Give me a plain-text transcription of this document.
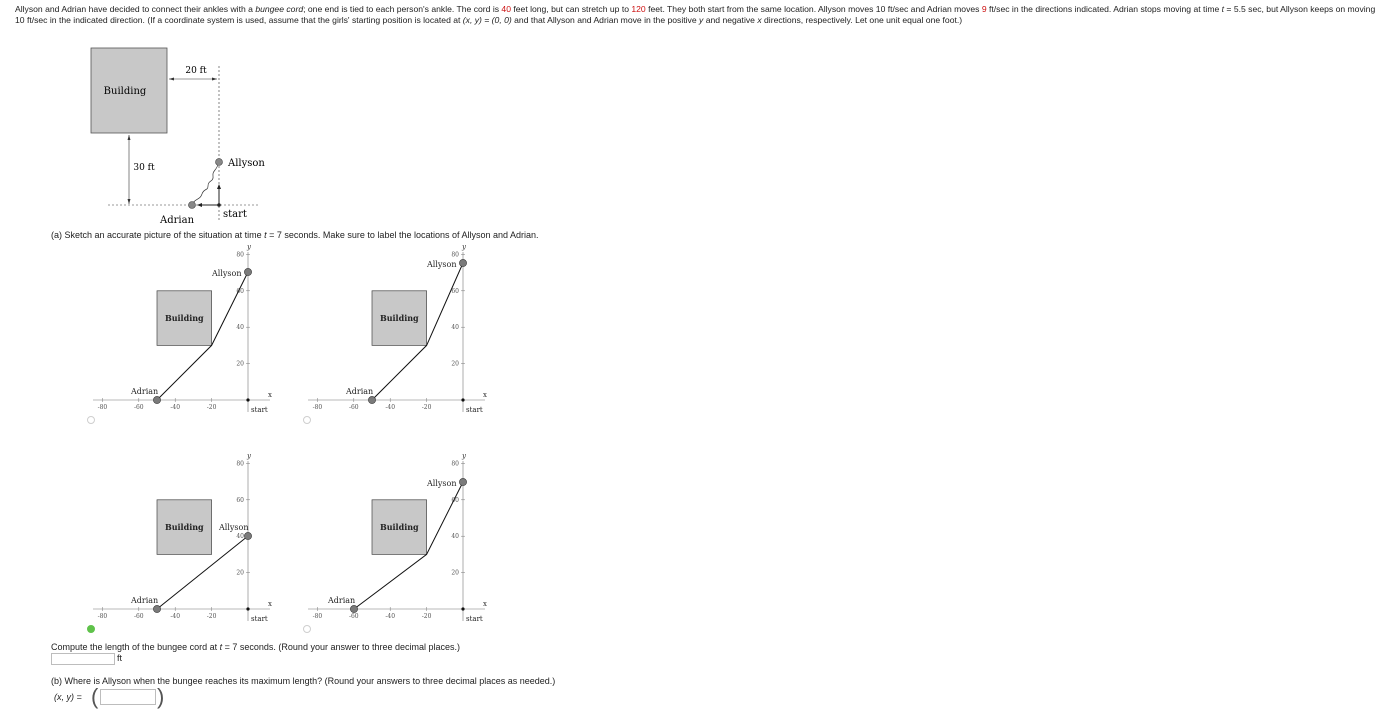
Allyson and Adrian have decided to connect their ankles with a bungee cord; one end is tied to each person's ankle. The cord is 40 feet long, but can stretch up to 120 feet. They both start from the same location. Allyson moves 10 ft/sec and Adrian moves 9 ft/sec in the directions indicated. Adrian stops moving at time t = 5.5 sec, but Allyson keeps on moving 10 ft/sec in the indicated direction. (If a coordinate system is used, assume that the girls' starting position is located at (x, y) = (0, 0) and that Allyson and Adrian move in the positive y and negative x directions, respectively. Let one unit equal one foot.)
Building
20 ft
30 ft	Allyson
Adrian
start
(a) Sketch an accurate picture of the situation at time t = 7 seconds. Make sure to label the locations of Allyson and Adrian.
x
y
-80	-60	-40	-20
20
40
60
80
Building
Allyson
Adrian
start
x
y
-80	-60	-40	-20
20
40
60
80
Building
Allyson
Adrian
start
x
y
-80	-60	-40	-20
20
40
60
80
Building Allyson
Adrian
start
x
y
-80	-60	-40	-20
20
40
60
80
Building
Allyson
Adrian
start
Compute the length of the bungee cord at t = 7 seconds. (Round your answer to three decimal places.)
ft
(b) Where is Allyson when the bungee reaches its maximum length? (Round your answers to three decimal places as needed.)
(x, y) = (	)
